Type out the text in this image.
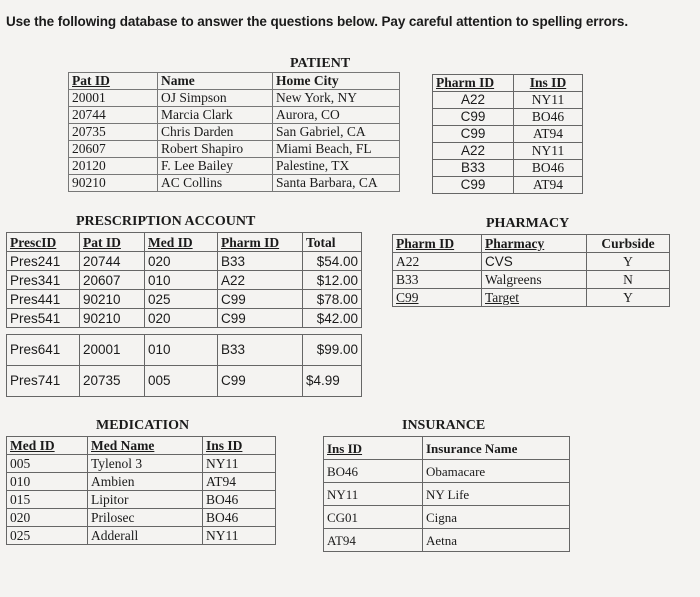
Use the following database to answer the questions below. Pay careful attention to spelling errors.
PATIENT
Pat ID	Name	Home City
20001	OJ Simpson	New York, NY
20744	Marcia Clark	Aurora, CO
20735	Chris Darden	San Gabriel, CA
20607	Robert Shapiro	Miami Beach, FL
20120	F. Lee Bailey	Palestine, TX
90210	AC Collins	Santa Barbara, CA
Pharm ID	Ins ID
A22	NY11
C99	BO46
C99	AT94
A22	NY11
B33	BO46
C99	AT94
PRESCRIPTION ACCOUNT
PrescID	Pat ID	Med ID	Pharm ID	Total
Pres241	20744	020	B33	$54.00
Pres341	20607	010	A22	$12.00
Pres441	90210	025	C99	$78.00
Pres541	90210	020	C99	$42.00
Pres641	20001	010	B33	$99.00
Pres741	20735	005	C99	$4.99
PHARMACY
Pharm ID	Pharmacy	Curbside
A22	CVS	Y
B33	Walgreens	N
C99	Target	Y
MEDICATION
Med ID	Med Name	Ins ID
005	Tylenol 3	NY11
010	Ambien	AT94
015	Lipitor	BO46
020	Prilosec	BO46
025	Adderall	NY11
INSURANCE
Ins ID	Insurance Name
BO46	Obamacare
NY11	NY Life
CG01	Cigna
AT94	Aetna
